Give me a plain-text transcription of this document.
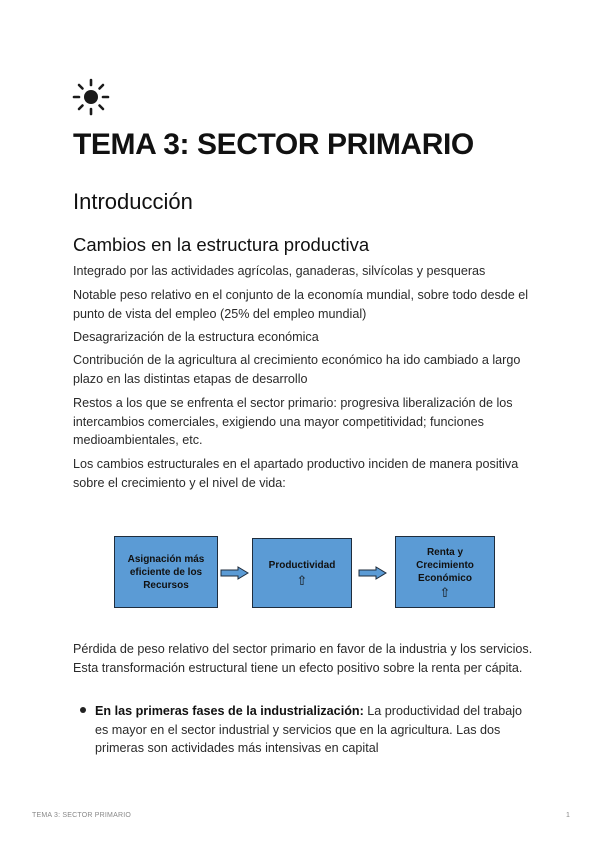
TEMA 3: SECTOR PRIMARIO
Introducción
Cambios en la estructura productiva

Integrado por las actividades agrícolas, ganaderas, silvícolas y pesqueras

Notable peso relativo en el conjunto de la economía mundial, sobre todo desde el punto de vista del empleo (25% del empleo mundial)

Desagrarización de la estructura económica

Contribución de la agricultura al crecimiento económico ha ido cambiado a largo plazo en las distintas etapas de desarrollo

Restos a los que se enfrenta el sector primario: progresiva liberalización de los intercambios comerciales, exigiendo una mayor competitividad; funciones medioambientales, etc.

Los cambios estructurales en el apartado productivo inciden de manera positiva sobre el crecimiento y el nivel de vida:

Asignación más
eficiente de los
Recursos
Productividad
⇧
Renta y
Crecimiento
Económico
⇧

Pérdida de peso relativo del sector primario en favor de la industria y los servicios. Esta transformación estructural tiene un efecto positivo sobre la renta per cápita.

En las primeras fases de la industrialización: La productividad del trabajo es mayor en el sector industrial y servicios que en la agricultura. Las dos primeras son actividades más intensivas en capital

TEMA 3: SECTOR PRIMARIO	1
